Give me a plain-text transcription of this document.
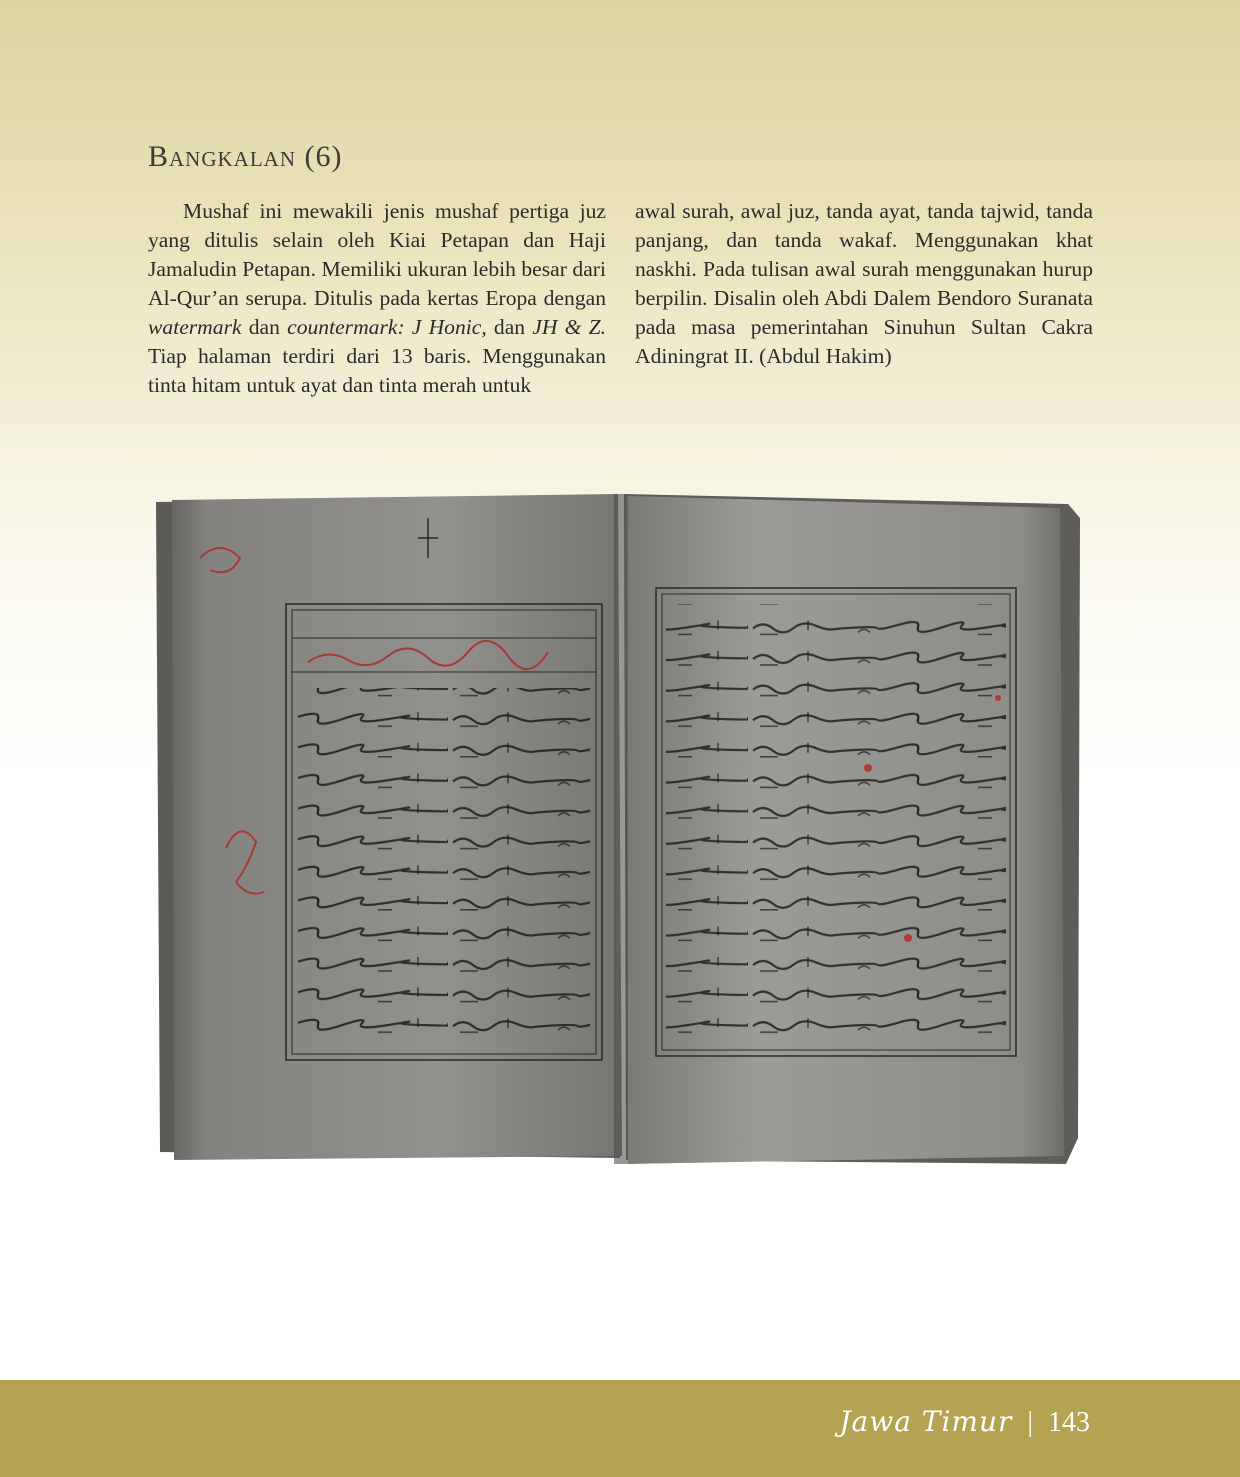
Bangkalan (6)

Mushaf ini mewakili jenis mushaf pertiga juz yang ditulis selain oleh Kiai Petapan dan Haji Jamaludin Petapan. Memiliki ukuran lebih besar dari Al-Qur’an serupa. Ditulis pada kertas Eropa dengan watermark dan countermark: J Honic, dan JH & Z. Tiap halaman terdiri dari 13 baris. Menggunakan tinta hitam untuk ayat dan tinta merah untuk

awal surah, awal juz, tanda ayat, tanda tajwid, tanda panjang, dan tanda wakaf. Menggunakan khat naskhi. Pada tulisan awal surah menggunakan hurup berpilin. Disalin oleh Abdi Dalem Bendoro Suranata pada masa pemerintahan Sinuhun Sultan Cakra Adiningrat II. (Abdul Hakim)

Jawa Timur | 143
